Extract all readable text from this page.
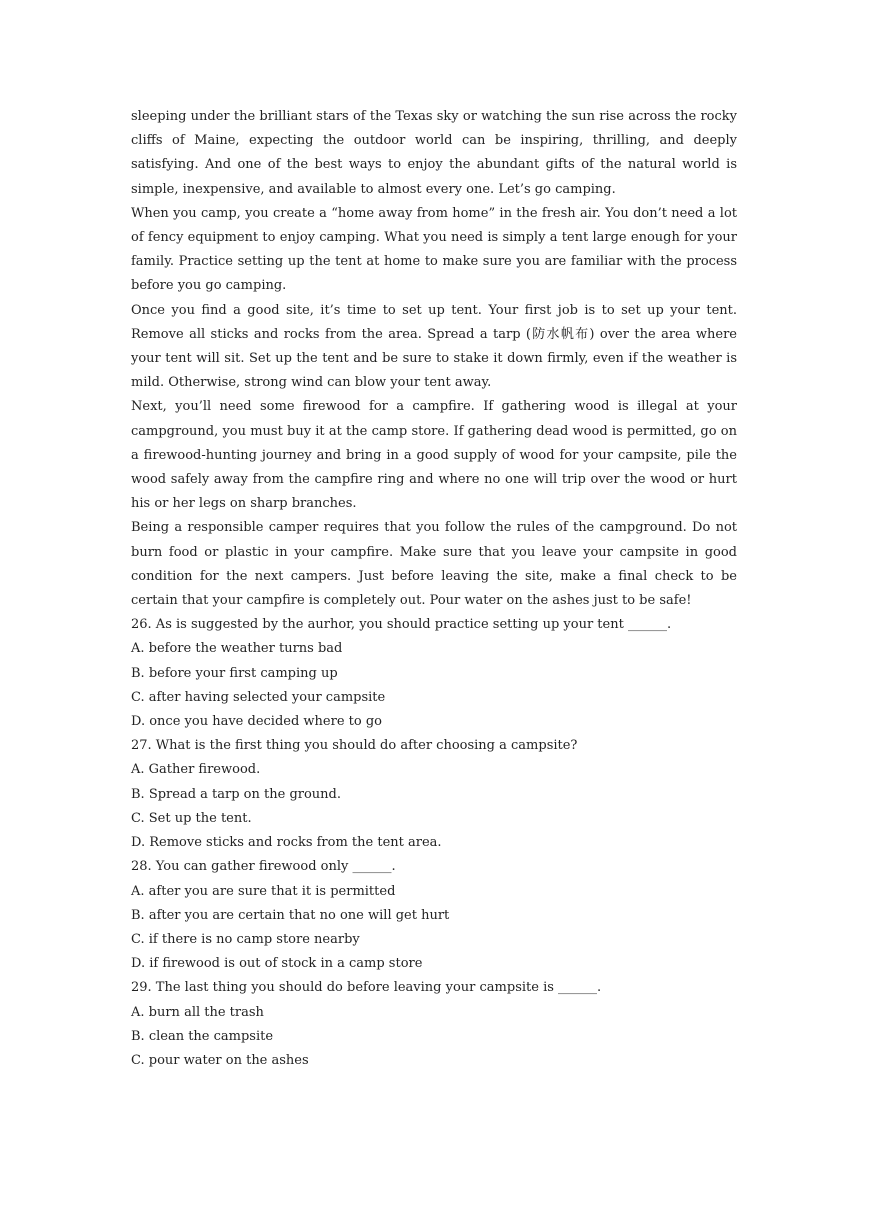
sleeping under the brilliant stars of the Texas sky or watching the sun rise across the rocky cliffs of Maine, expecting the outdoor world can be inspiring, thrilling, and deeply satisfying. And one of the best ways to enjoy the abundant gifts of the natural world is simple, inexpensive, and available to almost every one. Let’s go camping.

When you camp, you create a “home away from home” in the fresh air. You don’t need a lot of fency equipment to enjoy camping. What you need is simply a tent large enough for your family. Practice setting up the tent at home to make sure you are familiar with the process before you go camping.

Once you find a good site, it’s time to set up tent. Your first job is to set up your tent. Remove all sticks and rocks from the area. Spread a tarp (防水帆布) over the area where your tent will sit. Set up the tent and be sure to stake it down firmly, even if the weather is mild. Otherwise, strong wind can blow your tent away.

Next, you’ll need some firewood for a campfire. If gathering wood is illegal at your campground, you must buy it at the camp store. If gathering dead wood is permitted, go on a firewood-hunting journey and bring in a good supply of wood for your campsite, pile the wood safely away from the campfire ring and where no one will trip over the wood or hurt his or her legs on sharp branches.

Being a responsible camper requires that you follow the rules of the campground. Do not burn food or plastic in your campfire. Make sure that you leave your campsite in good condition for the next campers. Just before leaving the site, make a final check to be certain that your campfire is completely out. Pour water on the ashes just to be safe!

26. As is suggested by the aurhor, you should practice setting up your tent ______.

A. before the weather turns bad

B. before your first camping up

C. after having selected your campsite

D. once you have decided where to go

27. What is the first thing you should do after choosing a campsite?

A. Gather firewood.

B. Spread a tarp on the ground.

C. Set up the tent.

D. Remove sticks and rocks from the tent area.

28. You can gather firewood only ______.

A. after you are sure that it is permitted

B. after you are certain that no one will get hurt

C. if there is no camp store nearby

D. if firewood is out of stock in a camp store

29. The last thing you should do before leaving your campsite is ______.

A. burn all the trash

B. clean the campsite

C. pour water on the ashes
